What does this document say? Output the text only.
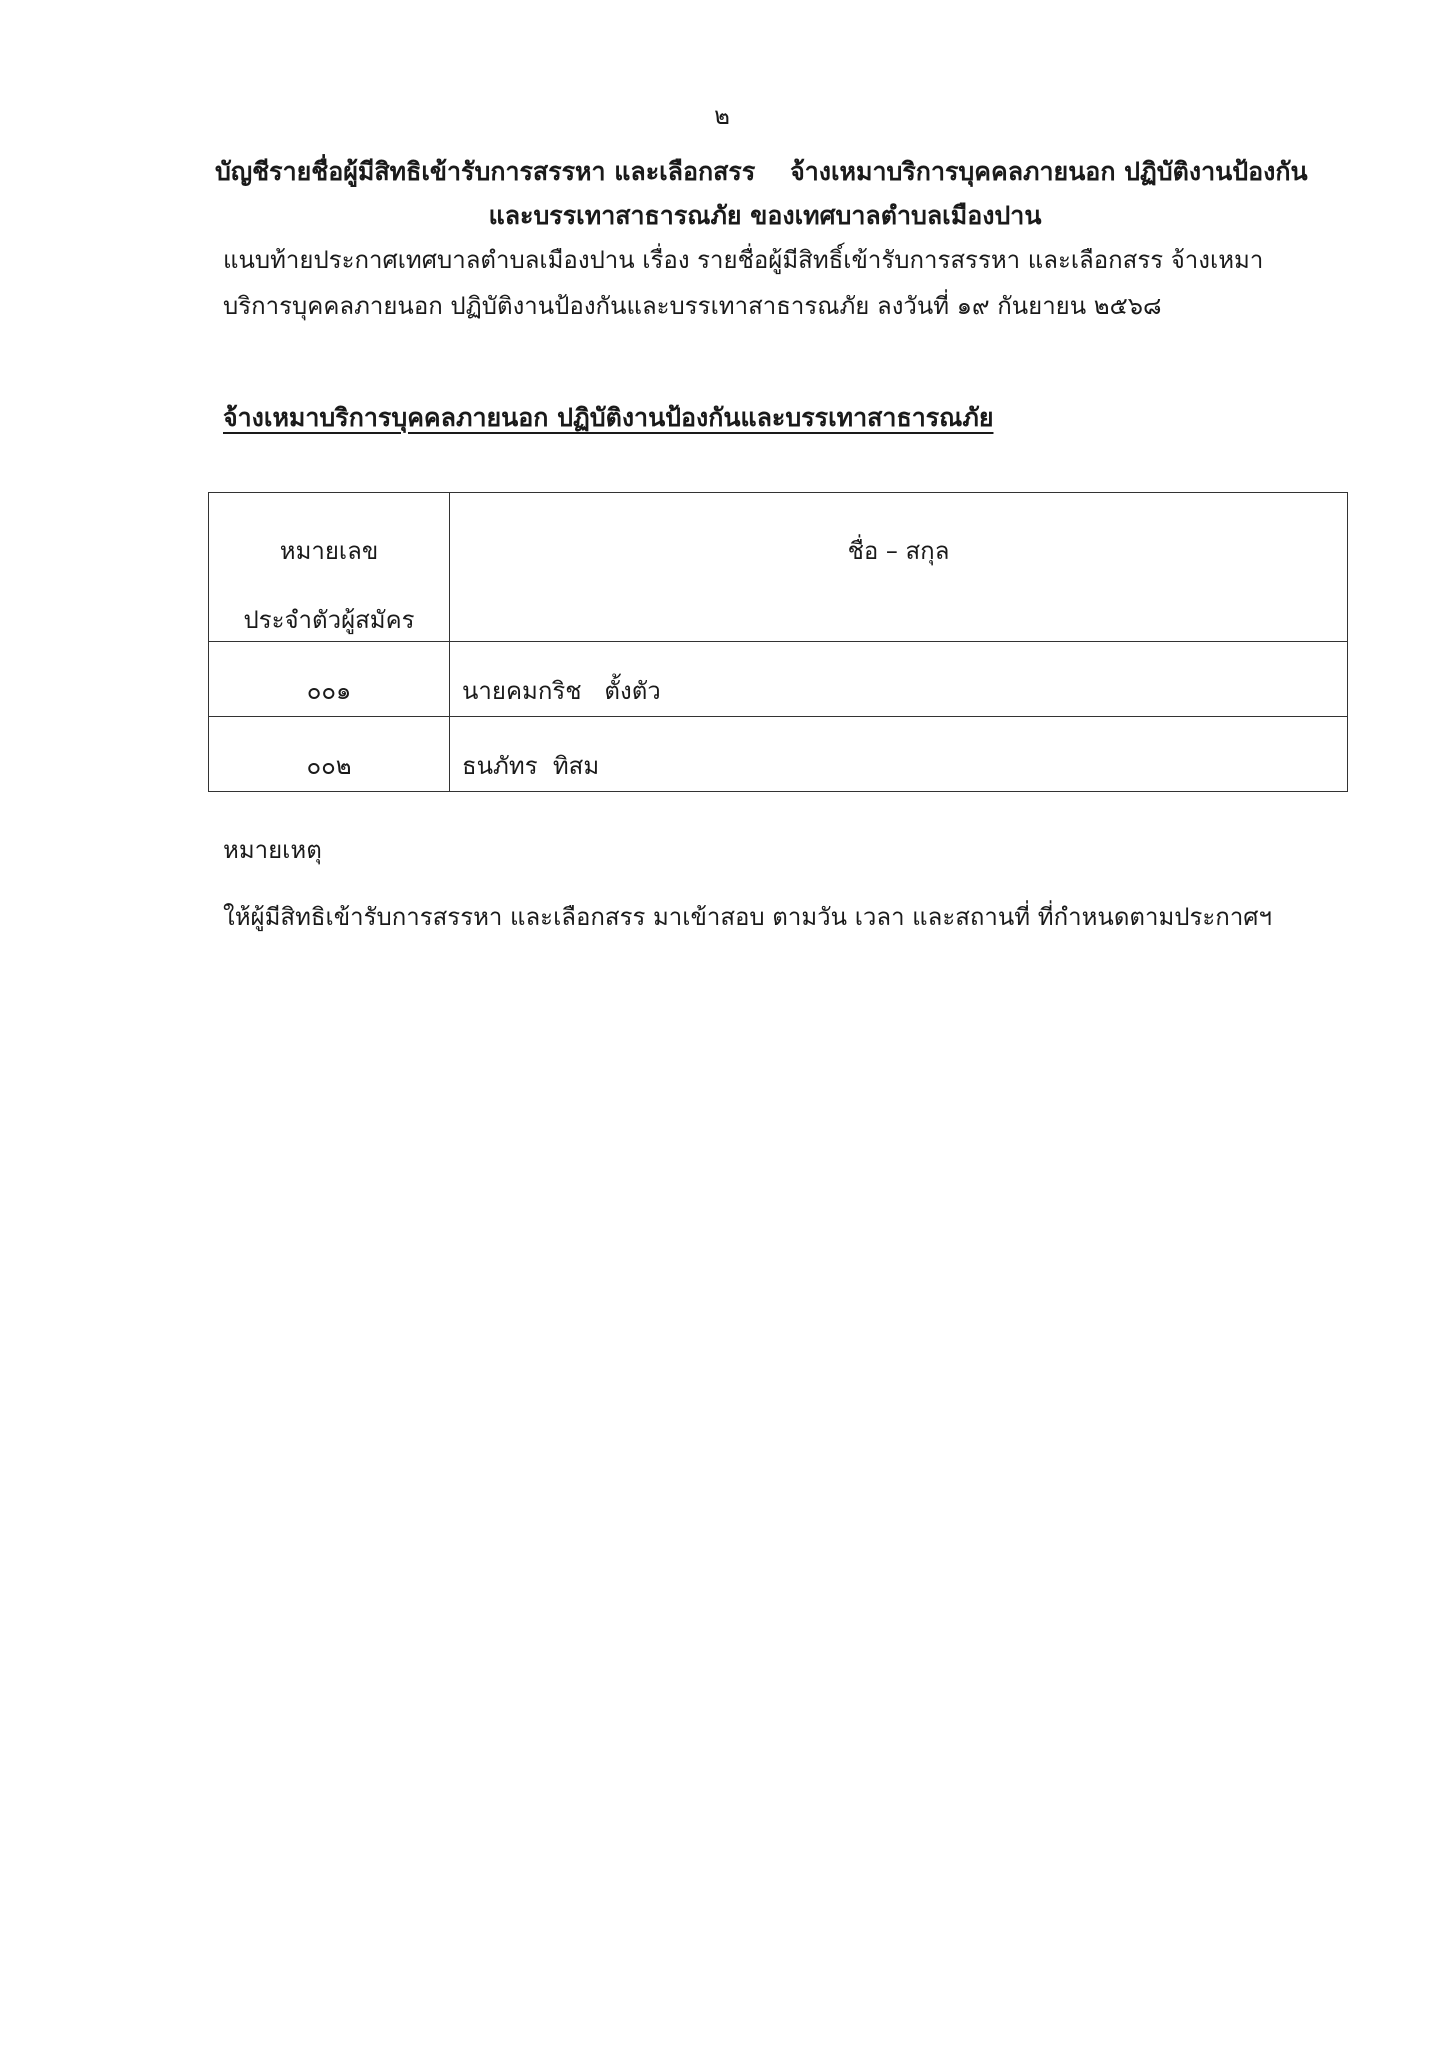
๒
บัญชีรายชื่อผู้มีสิทธิเข้ารับการสรรหา และเลือกสรร    จ้างเหมาบริการบุคคลภายนอก ปฏิบัติงานป้องกัน
และบรรเทาสาธารณภัย ของเทศบาลตำบลเมืองปาน
แนบท้ายประกาศเทศบาลตำบลเมืองปาน เรื่อง รายชื่อผู้มีสิทธิ์เข้ารับการสรรหา และเลือกสรร จ้างเหมา
บริการบุคคลภายนอก ปฏิบัติงานป้องกันและบรรเทาสาธารณภัย ลงวันที่ ๑๙ กันยายน ๒๕๖๘
จ้างเหมาบริการบุคคลภายนอก ปฏิบัติงานป้องกันและบรรเทาสาธารณภัย
หมายเลข
ประจำตัวผู้สมัคร	ชื่อ – สกุล

๐๐๑	นายคมกริช   ตั้งตัว
๐๐๒	ธนภัทร  ทิสม
หมายเหตุ
ให้ผู้มีสิทธิเข้ารับการสรรหา และเลือกสรร มาเข้าสอบ ตามวัน เวลา และสถานที่ ที่กำหนดตามประกาศฯ
